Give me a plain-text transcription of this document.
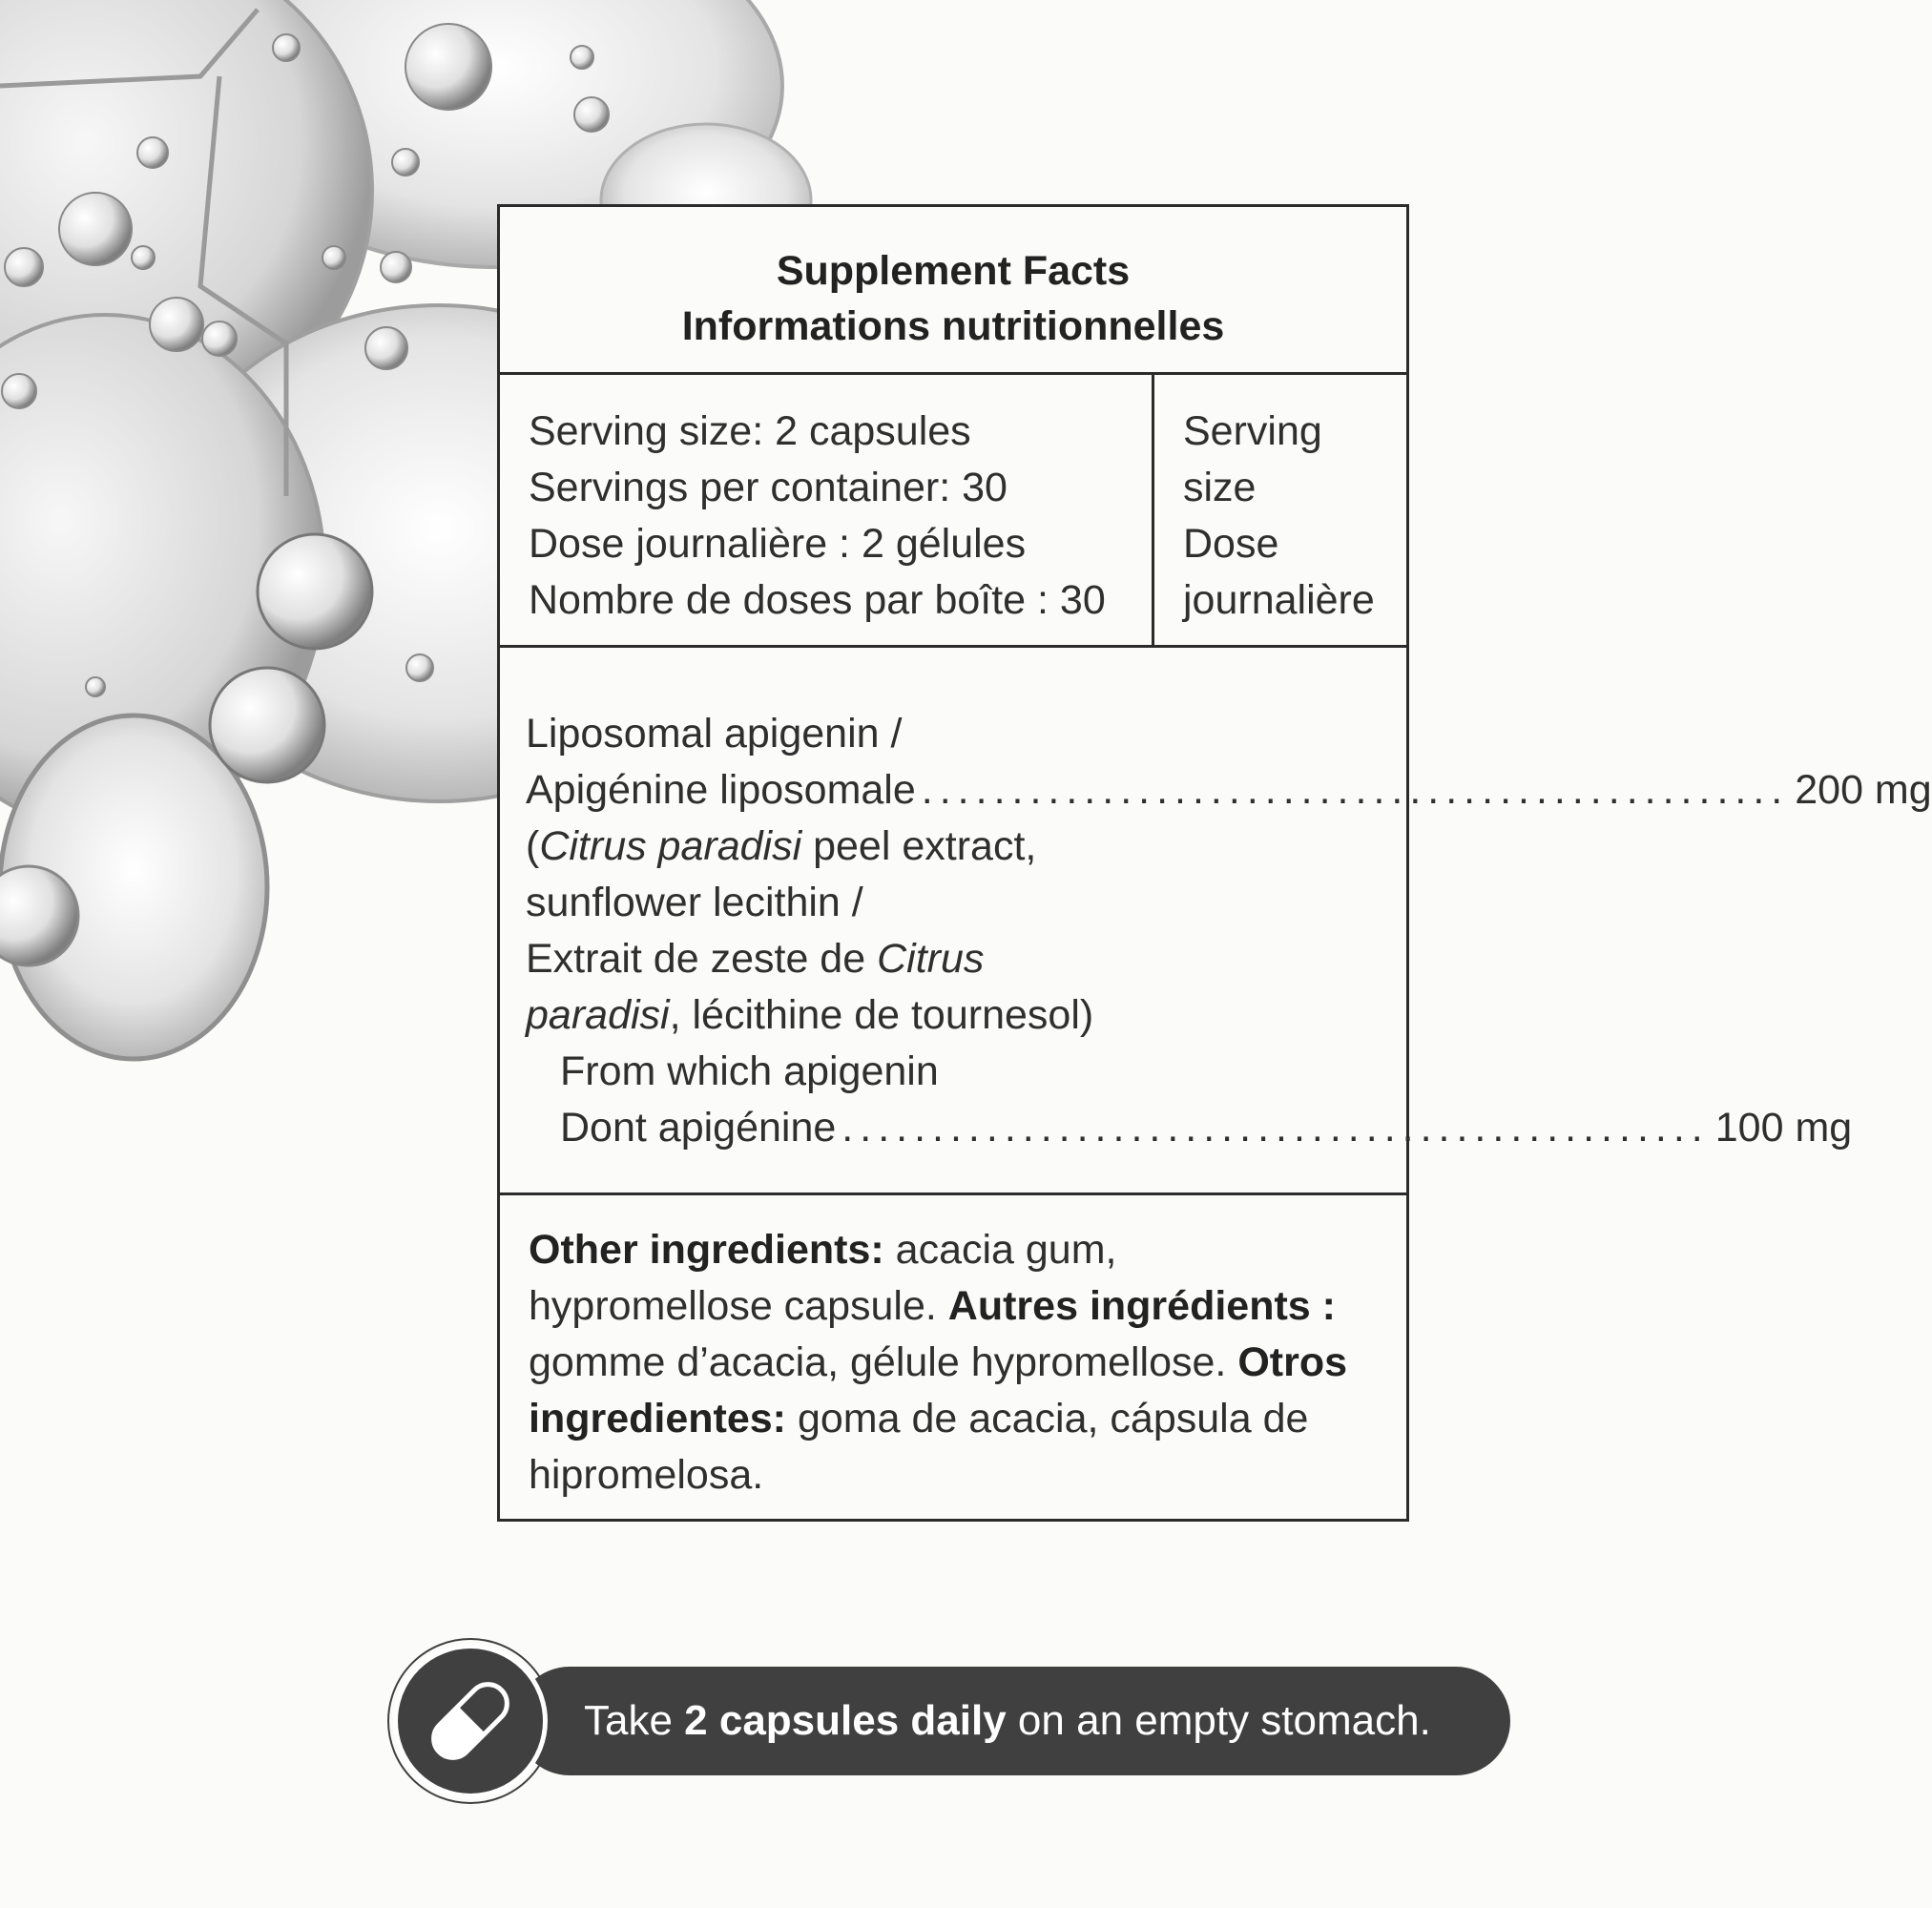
Supplement Facts
Informations nutritionnelles
Serving size: 2 capsules
Servings per container: 30
Dose journalière : 2 gélules
Nombre de doses par boîte : 30
Serving
size
Dose
journalière
Liposomal apigenin /
Apigénine liposomale ................................................ 200 mg
(Citrus paradisi peel extract,
sunflower lecithin /
Extrait de zeste de Citrus
paradisi, lécithine de tournesol)
From which apigenin
Dont apigénine ................................................ 100 mg
Other ingredients: acacia gum, hypromellose capsule. Autres ingrédients : gomme d’acacia, gélule hypromellose. Otros ingredientes: goma de acacia, cápsula de hipromelosa.
Take 2 capsules daily on an empty stomach.
